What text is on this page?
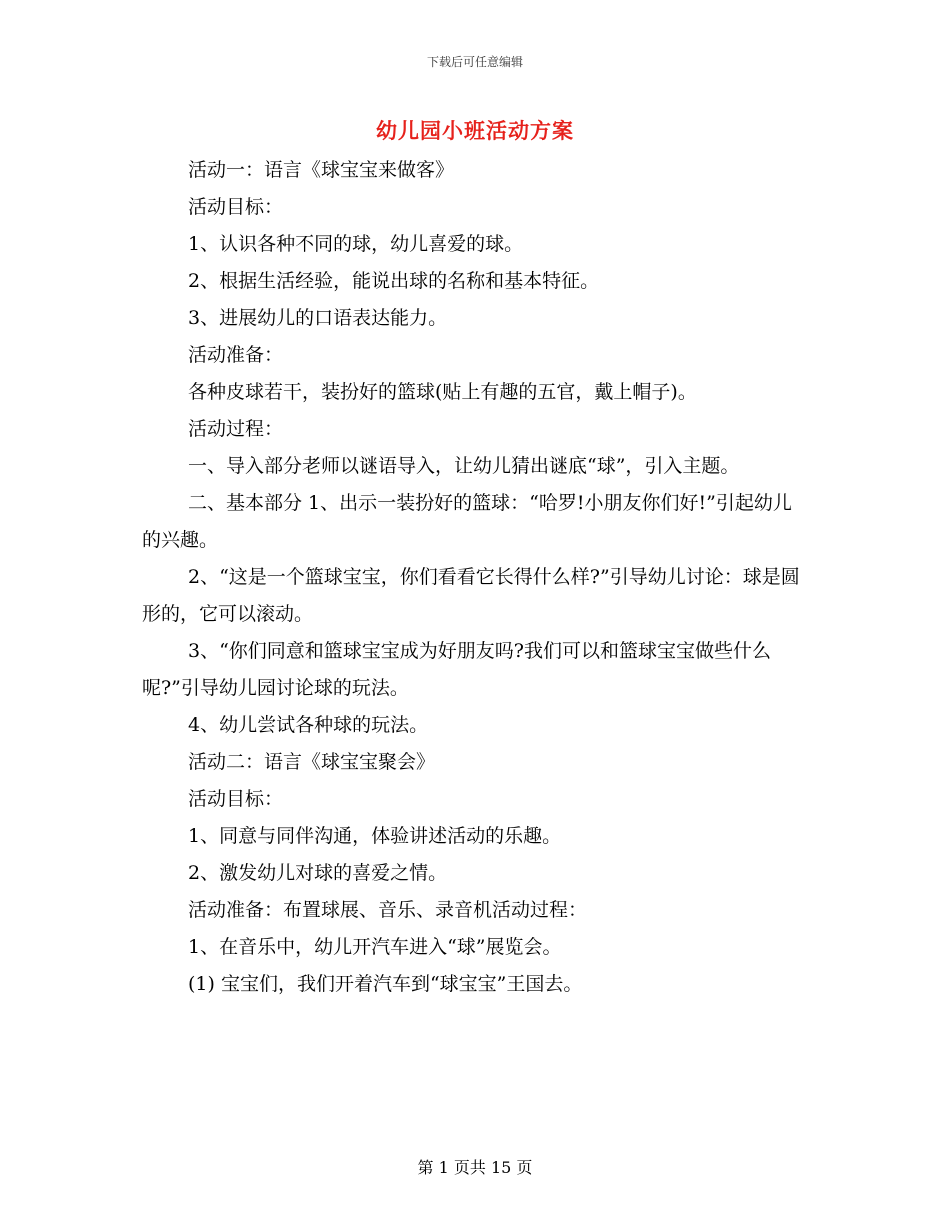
下载后可任意编辑
幼儿园小班活动方案

活动一：语言《球宝宝来做客》

活动目标：

1、认识各种不同的球，幼儿喜爱的球。

2、根据生活经验，能说出球的名称和基本特征。

3、进展幼儿的口语表达能力。

活动准备：

各种皮球若干，装扮好的篮球(贴上有趣的五官，戴上帽子)。

活动过程：

一、导入部分老师以谜语导入，让幼儿猜出谜底“球”，引入主题。

二、基本部分 1、出示一装扮好的篮球：“哈罗!小朋友你们好!”引起幼儿的兴趣。

2、“这是一个篮球宝宝，你们看看它长得什么样?”引导幼儿讨论：球是圆形的，它可以滚动。

3、“你们同意和篮球宝宝成为好朋友吗?我们可以和篮球宝宝做些什么呢?”引导幼儿园讨论球的玩法。

4、幼儿尝试各种球的玩法。

活动二：语言《球宝宝聚会》

活动目标：

1、同意与同伴沟通，体验讲述活动的乐趣。

2、激发幼儿对球的喜爱之情。

活动准备：布置球展、音乐、录音机活动过程：

1、在音乐中，幼儿开汽车进入“球”展览会。

(1) 宝宝们，我们开着汽车到“球宝宝”王国去。

第 1 页共 15 页
